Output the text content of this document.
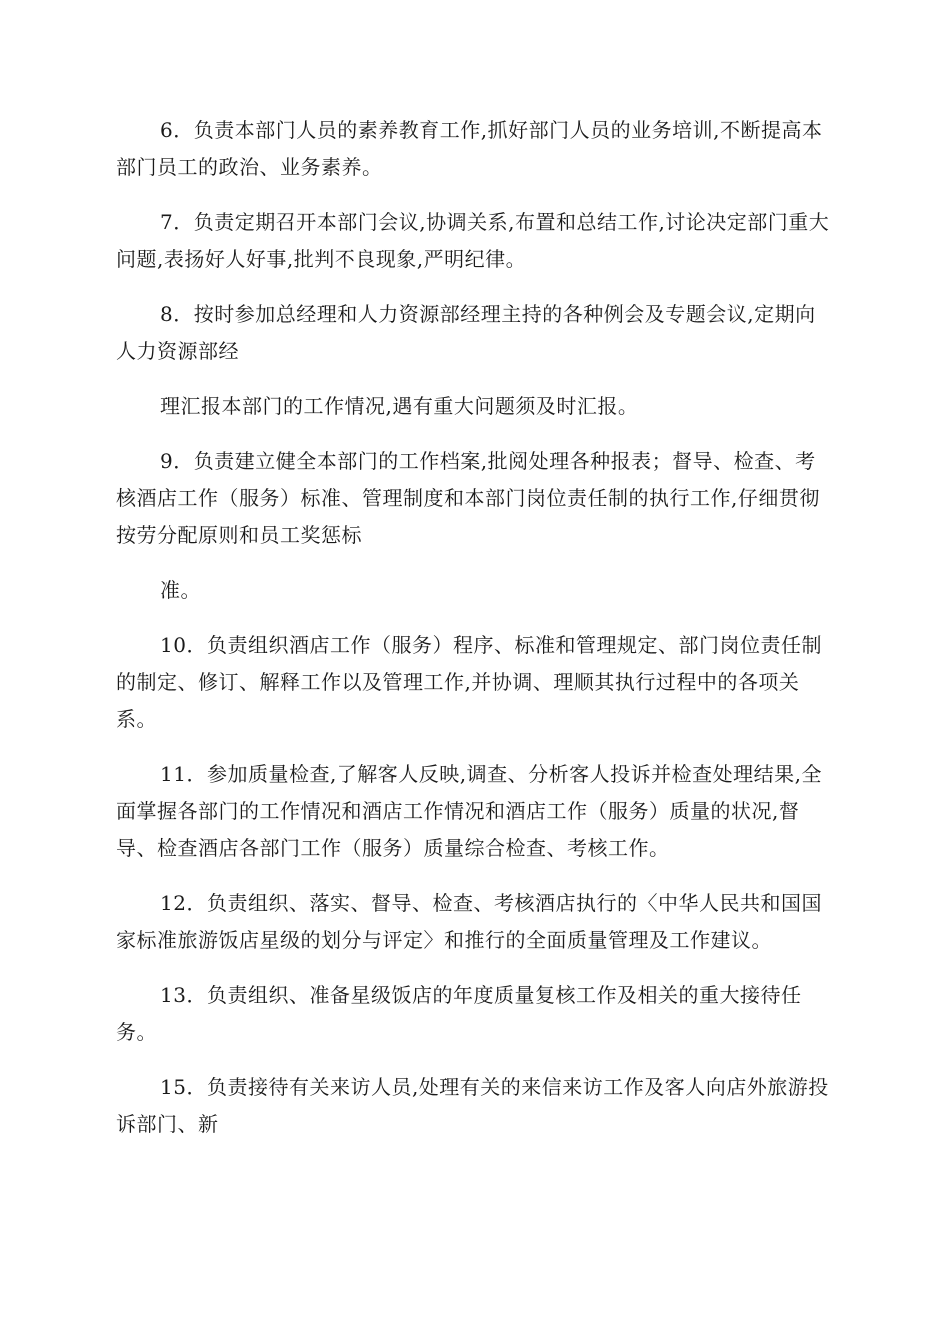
6．负责本部门人员的素养教育工作,抓好部门人员的业务培训,不断提高本部门员工的政治、业务素养。

7．负责定期召开本部门会议,协调关系,布置和总结工作,讨论决定部门重大问题,表扬好人好事,批判不良现象,严明纪律。

8．按时参加总经理和人力资源部经理主持的各种例会及专题会议,定期向人力资源部经

理汇报本部门的工作情况,遇有重大问题须及时汇报。

9．负责建立健全本部门的工作档案,批阅处理各种报表；督导、检查、考核酒店工作（服务）标准、管理制度和本部门岗位责任制的执行工作,仔细贯彻按劳分配原则和员工奖惩标

准。

10．负责组织酒店工作（服务）程序、标准和管理规定、部门岗位责任制的制定、修订、解释工作以及管理工作,并协调、理顺其执行过程中的各项关系。

11．参加质量检查,了解客人反映,调查、分析客人投诉并检查处理结果,全面掌握各部门的工作情况和酒店工作情况和酒店工作（服务）质量的状况,督导、检查酒店各部门工作（服务）质量综合检查、考核工作。

12．负责组织、落实、督导、检查、考核酒店执行的〈中华人民共和国国家标准旅游饭店星级的划分与评定〉和推行的全面质量管理及工作建议。

13．负责组织、准备星级饭店的年度质量复核工作及相关的重大接待任务。

15．负责接待有关来访人员,处理有关的来信来访工作及客人向店外旅游投诉部门、新
